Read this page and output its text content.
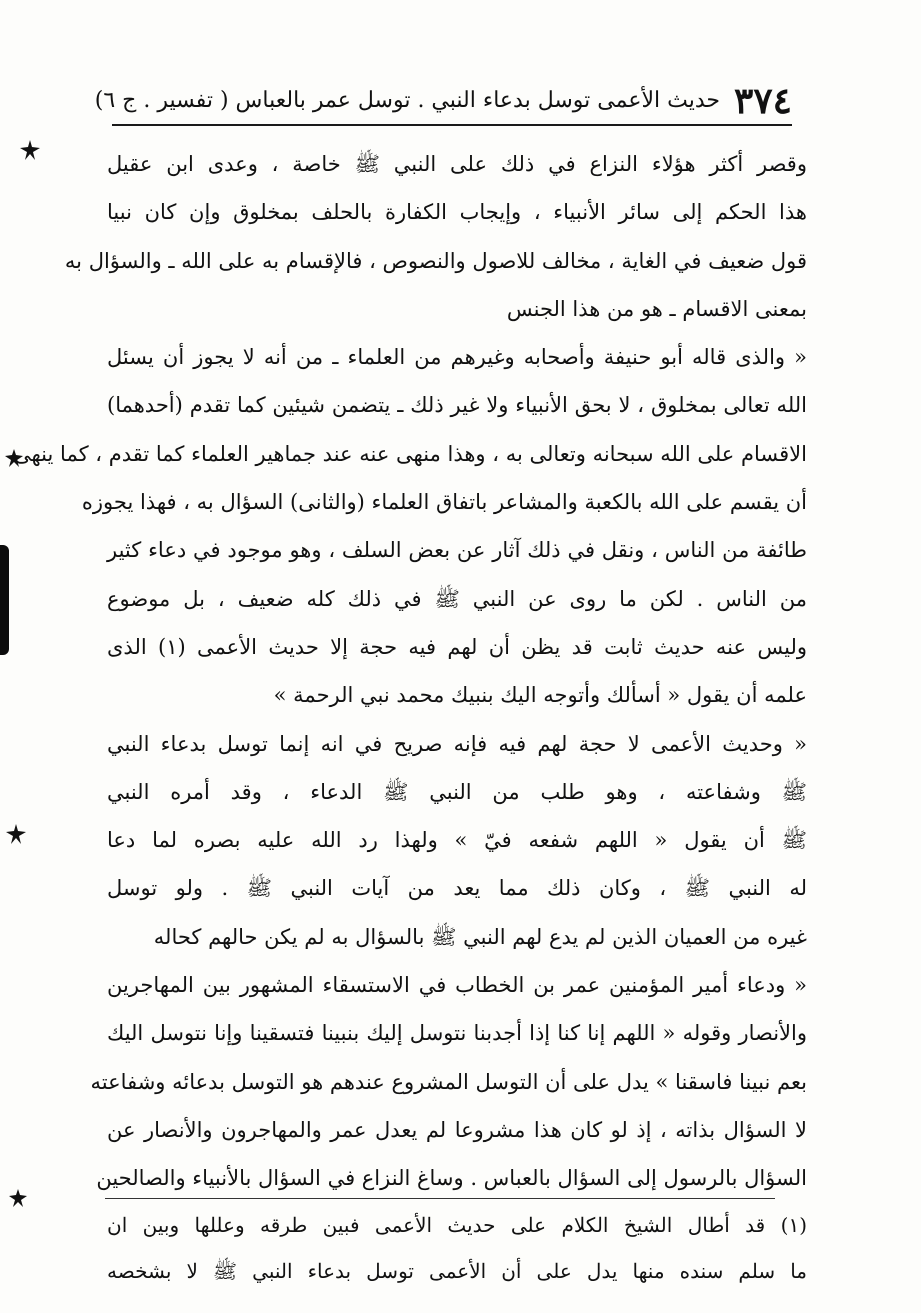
٣٧٤
حديث الأعمى توسل بدعاء النبي . توسل عمر بالعباس ( تفسير . ج ٦)
وقصر أكثر هؤلاء النزاع في ذلك على النبي ﷺ خاصة ، وعدى ابن عقيل
هذا الحكم إلى سائر الأنبياء ، وإيجاب الكفارة بالحلف بمخلوق وإن كان نبيا
قول ضعيف في الغاية ، مخالف للاصول والنصوص ، فالإقسام به على الله ـ والسؤال به
بمعنى الاقسام ـ هو من هذا الجنس
« والذى قاله أبو حنيفة وأصحابه وغيرهم من العلماء ـ من أنه لا يجوز أن يسئل
الله تعالى بمخلوق ، لا بحق الأنبياء ولا غير ذلك ـ يتضمن شيئين كما تقدم (أحدهما)
الاقسام على الله سبحانه وتعالى به ، وهذا منهى عنه عند جماهير العلماء كما تقدم ، كما ينهى
أن يقسم على الله بالكعبة والمشاعر باتفاق العلماء (والثانى) السؤال به ، فهذا يجوزه
طائفة من الناس ، ونقل في ذلك آثار عن بعض السلف ، وهو موجود في دعاء كثير
من الناس . لكن ما روى عن النبي ﷺ في ذلك كله ضعيف ، بل موضوع
وليس عنه حديث ثابت قد يظن أن لهم فيه حجة إلا حديث الأعمى (١) الذى
علمه أن يقول « أسألك وأتوجه اليك بنبيك محمد نبي الرحمة »
« وحديث الأعمى لا حجة لهم فيه فإنه صريح في انه إنما توسل بدعاء النبي
ﷺ وشفاعته ، وهو طلب من النبي ﷺ الدعاء ، وقد أمره النبي
ﷺ أن يقول « اللهم شفعه فيّ » ولهذا رد الله عليه بصره لما دعا
له النبي ﷺ ، وكان ذلك مما يعد من آيات النبي ﷺ . ولو توسل
غيره من العميان الذين لم يدع لهم النبي ﷺ بالسؤال به لم يكن حالهم كحاله
« ودعاء أمير المؤمنين عمر بن الخطاب في الاستسقاء المشهور بين المهاجرين
والأنصار وقوله « اللهم إنا كنا إذا أجدبنا نتوسل إليك بنبينا فتسقينا وإنا نتوسل اليك
بعم نبينا فاسقنا » يدل على أن التوسل المشروع عندهم هو التوسل بدعائه وشفاعته
لا السؤال بذاته ، إذ لو كان هذا مشروعا لم يعدل عمر والمهاجرون والأنصار عن
السؤال بالرسول إلى السؤال بالعباس . وساغ النزاع في السؤال بالأنبياء والصالحين
(١) قد أطال الشيخ الكلام على حديث الأعمى فبين طرقه وعللها وبين ان
ما سلم سنده منها يدل على أن الأعمى توسل بدعاء النبي ﷺ لا بشخصه
